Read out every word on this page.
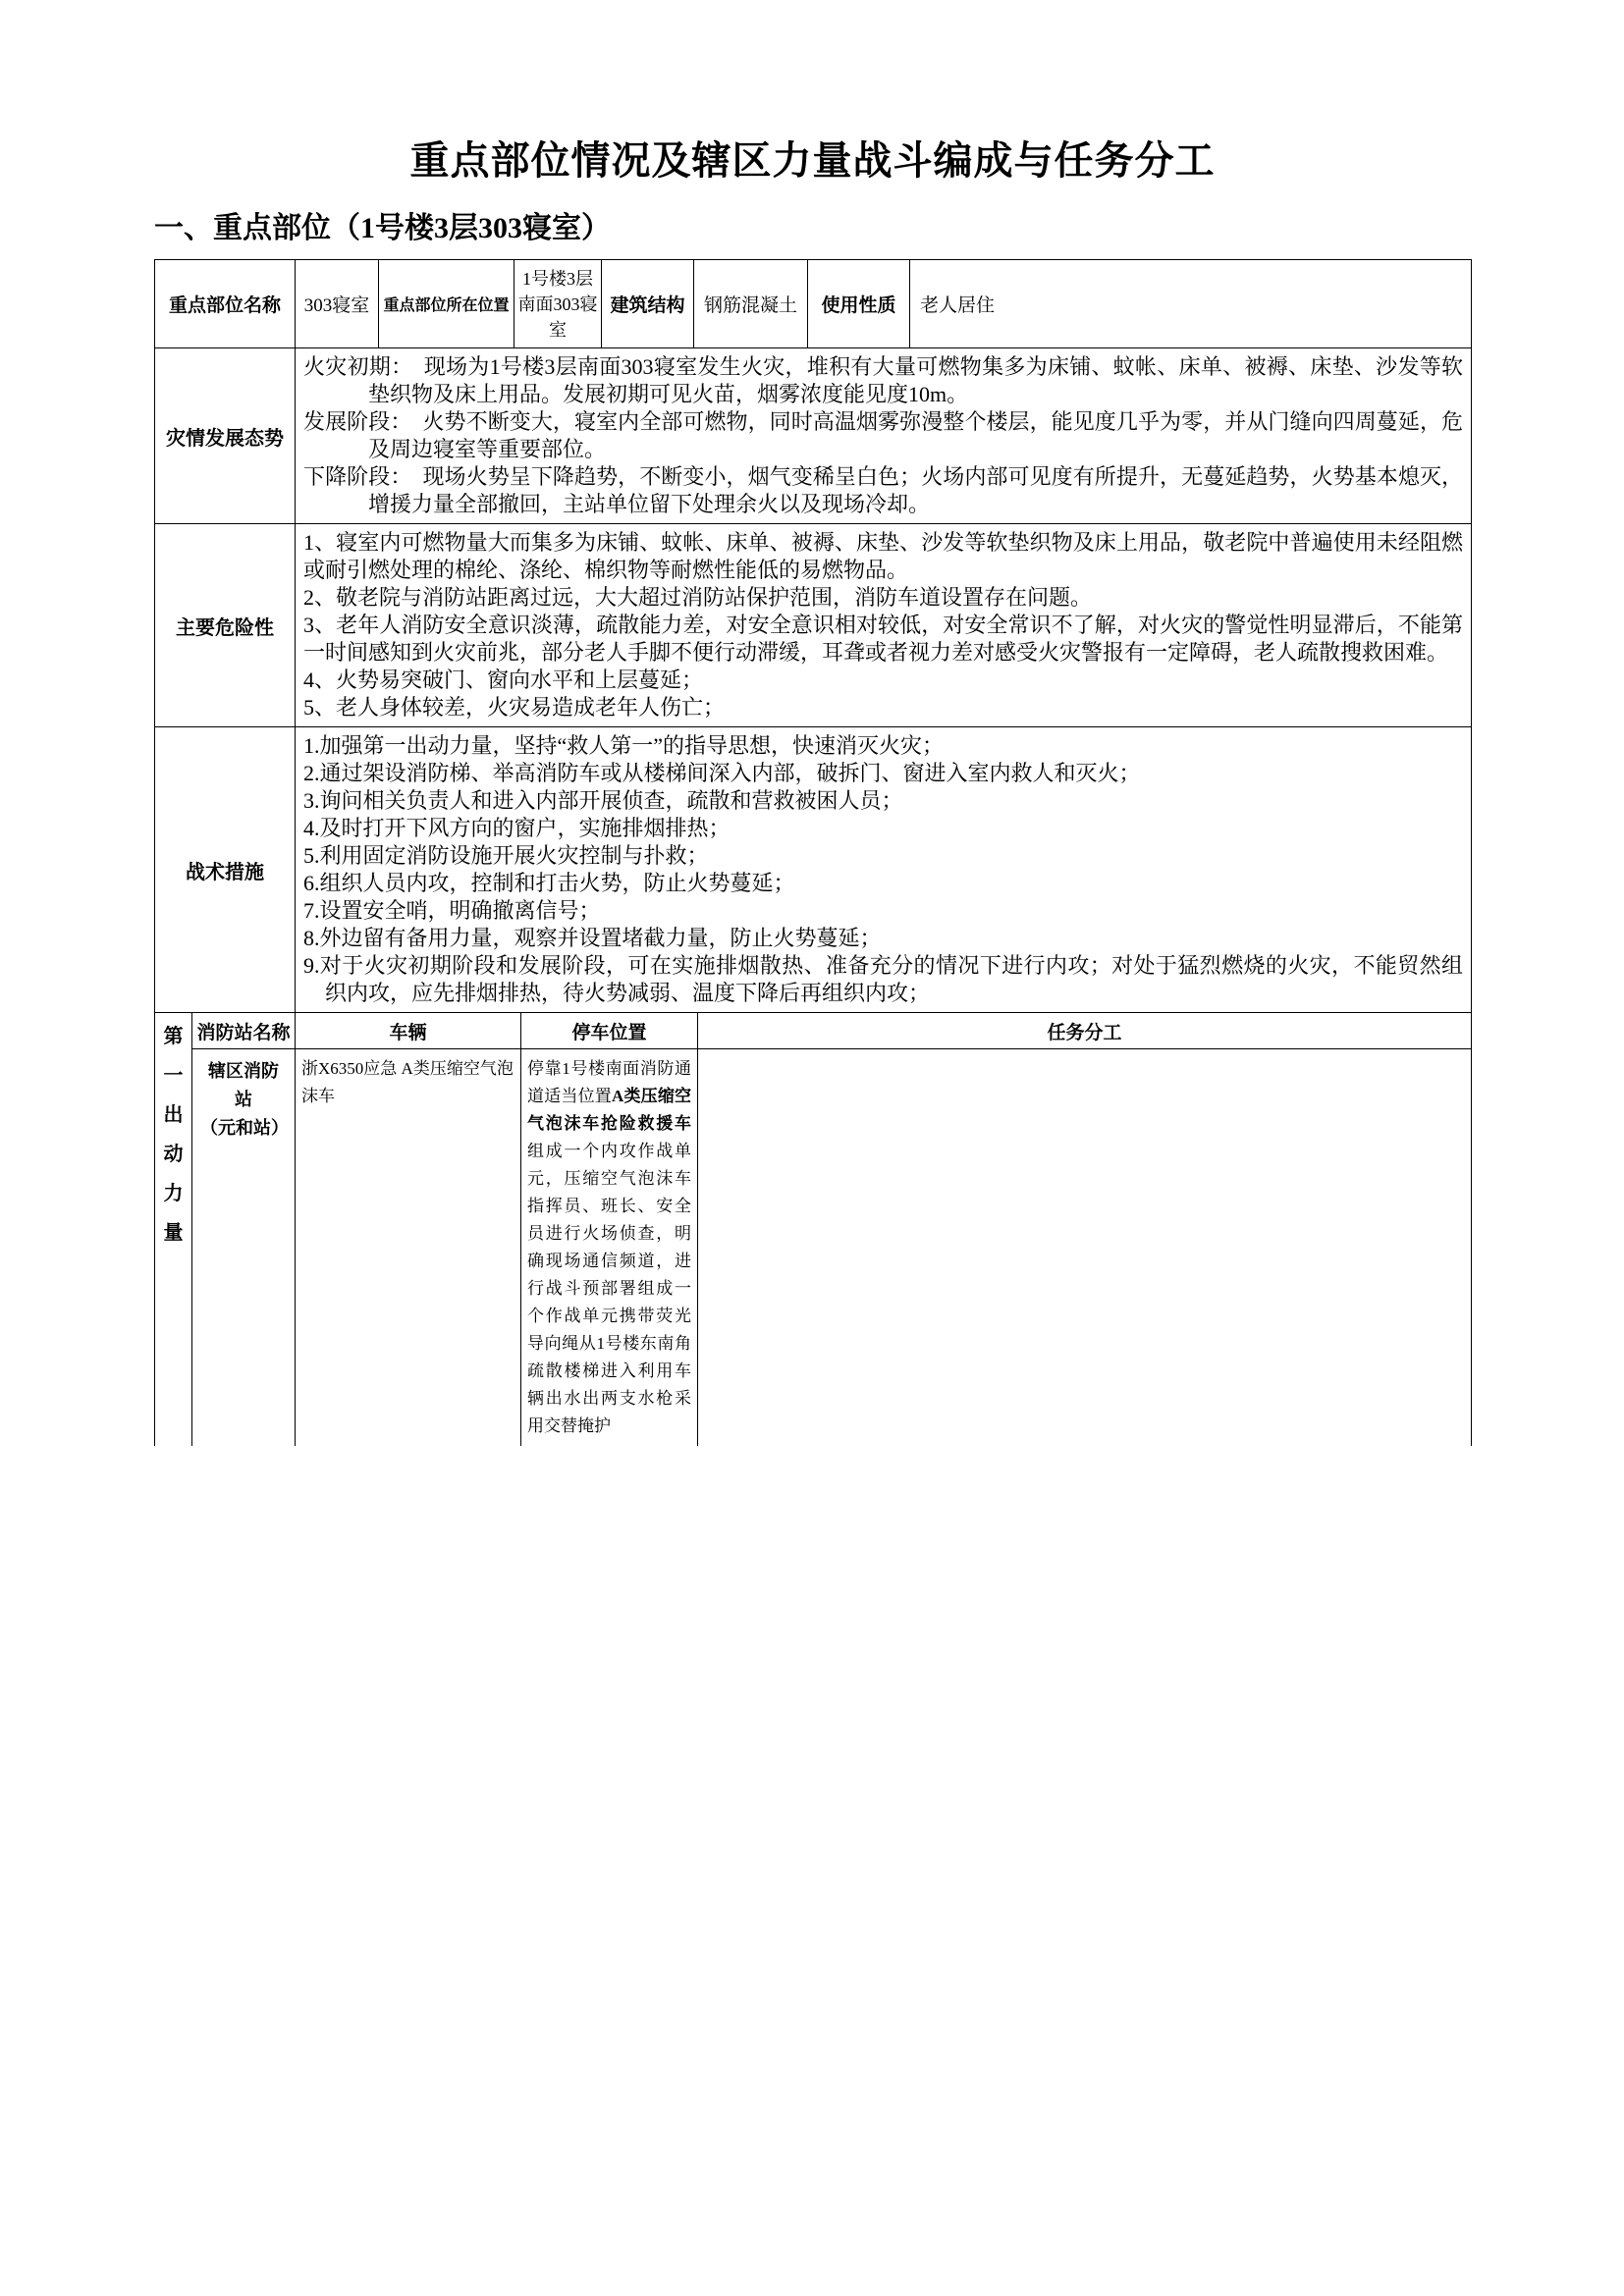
重点部位情况及辖区力量战斗编成与任务分工
一、重点部位（1号楼3层303寝室）
重点部位名称		303寝室	重点部位所在位置	1号楼3层南面303寝室		建筑结构	钢筋混凝土		使用性质	老人居住
灾情发展态势		火灾初期：　现场为1号楼3层南面303寝室发生火灾，堆积有大量可燃物集多为床铺、蚊帐、床单、被褥、床垫、沙发等软垫织物及床上用品。发展初期可见火苗，烟雾浓度能见度10m。

发展阶段：　火势不断变大，寝室内全部可燃物，同时高温烟雾弥漫整个楼层，能见度几乎为零，并从门缝向四周蔓延，危及周边寝室等重要部位。

下降阶段：　现场火势呈下降趋势，不断变小，烟气变稀呈白色；火场内部可见度有所提升，无蔓延趋势，火势基本熄灭，增援力量全部撤回，主站单位留下处理余火以及现场冷却。								

主要危险性		1、寝室内可燃物量大而集多为床铺、蚊帐、床单、被褥、床垫、沙发等软垫织物及床上用品，敬老院中普遍使用未经阻燃或耐引燃处理的棉纶、涤纶、棉织物等耐燃性能低的易燃物品。

2、敬老院与消防站距离过远，大大超过消防站保护范围，消防车道设置存在问题。

3、老年人消防安全意识淡薄，疏散能力差，对安全意识相对较低，对安全常识不了解，对火灾的警觉性明显滞后，不能第一时间感知到火灾前兆，部分老人手脚不便行动滞缓，耳聋或者视力差对感受火灾警报有一定障碍，老人疏散搜救困难。

4、火势易突破门、窗向水平和上层蔓延；

5、老人身体较差，火灾易造成老年人伤亡；								

战术措施	

1.加强第一出动力量，坚持“救人第一”的指导思想，快速消灭火灾；

2.通过架设消防梯、举高消防车或从楼梯间深入内部，破拆门、窗进入室内救人和灭火；

3.询问相关负责人和进入内部开展侦查，疏散和营救被困人员；

4.及时打开下风方向的窗户，实施排烟排热；

5.利用固定消防设施开展火灾控制与扑救；

6.组织人员内攻，控制和打击火势，防止火势蔓延；

7.设置安全哨，明确撤离信号；

8.外边留有备用力量，观察并设置堵截力量，防止火势蔓延；

9.对于火灾初期阶段和发展阶段，可在实施排烟散热、准备充分的情况下进行内攻；对处于猛烈燃烧的火灾，不能贸然组织内攻，应先排烟排热，待火势减弱、温度下降后再组织内攻；

第一出动力量	消防站名称	车辆			停车位置			任务分工		

	辖区消防站
（元和站）	浙X6350应急 A类压缩空气泡沫车			停靠1号楼南面消防通道适当位置A类压缩空气泡沫车抢险救援车组成一个内攻作战单元，压缩空气泡沫车指挥员、班长、安全员进行火场侦查，明确现场通信频道，进行战斗预部署组成一个作战单元携带荧光导向绳从1号楼东南角疏散楼梯进入利用车辆出水出两支水枪采用交替掩护					
